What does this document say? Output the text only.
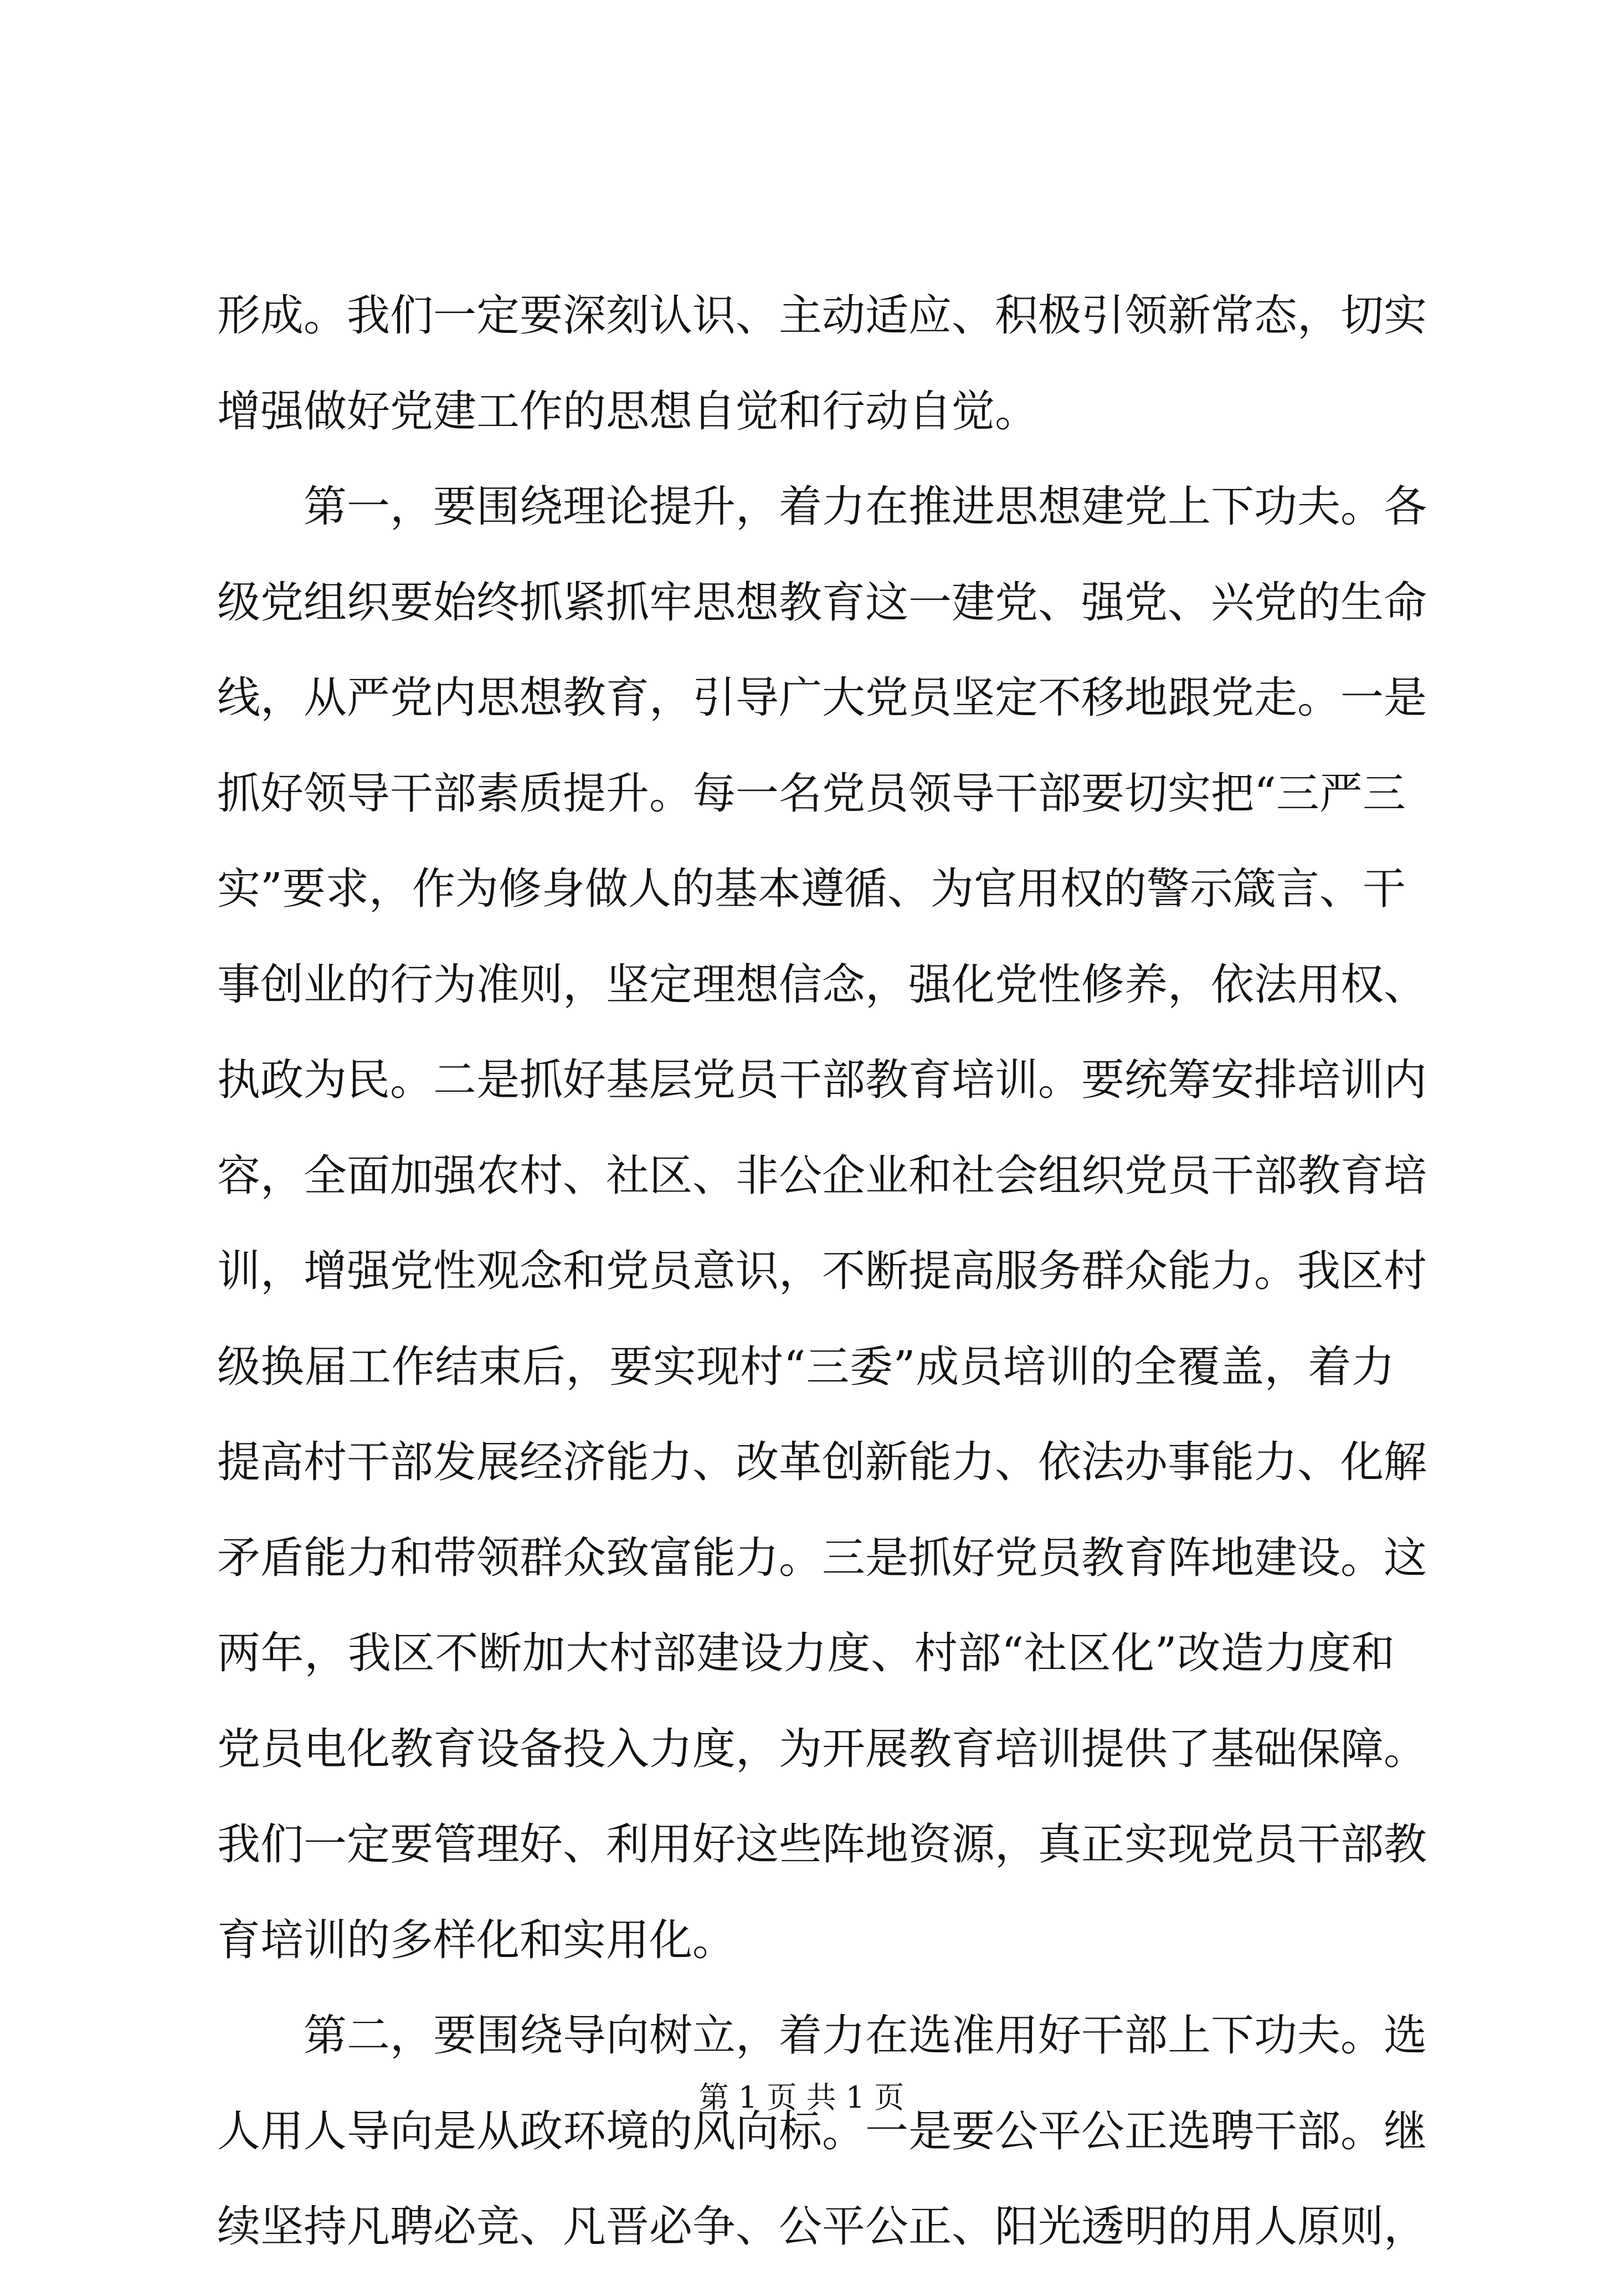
形成。我们一定要深刻认识、主动适应、积极引领新常态，切实
增强做好党建工作的思想自觉和行动自觉。
第一，要围绕理论提升，着力在推进思想建党上下功夫。各
级党组织要始终抓紧抓牢思想教育这一建党、强党、兴党的生命
线，从严党内思想教育，引导广大党员坚定不移地跟党走。一是
抓好领导干部素质提升。每一名党员领导干部要切实把“三严三
实”要求，作为修身做人的基本遵循、为官用权的警示箴言、干
事创业的行为准则，坚定理想信念，强化党性修养，依法用权、
执政为民。二是抓好基层党员干部教育培训。要统筹安排培训内
容，全面加强农村、社区、非公企业和社会组织党员干部教育培
训，增强党性观念和党员意识，不断提高服务群众能力。我区村
级换届工作结束后，要实现村“三委”成员培训的全覆盖，着力
提高村干部发展经济能力、改革创新能力、依法办事能力、化解
矛盾能力和带领群众致富能力。三是抓好党员教育阵地建设。这
两年，我区不断加大村部建设力度、村部“社区化”改造力度和
党员电化教育设备投入力度，为开展教育培训提供了基础保障。
我们一定要管理好、利用好这些阵地资源，真正实现党员干部教
育培训的多样化和实用化。
第二，要围绕导向树立，着力在选准用好干部上下功夫。选
人用人导向是从政环境的风向标。一是要公平公正选聘干部。继
续坚持凡聘必竞、凡晋必争、公平公正、阳光透明的用人原则，
第 1 页 共 1 页
